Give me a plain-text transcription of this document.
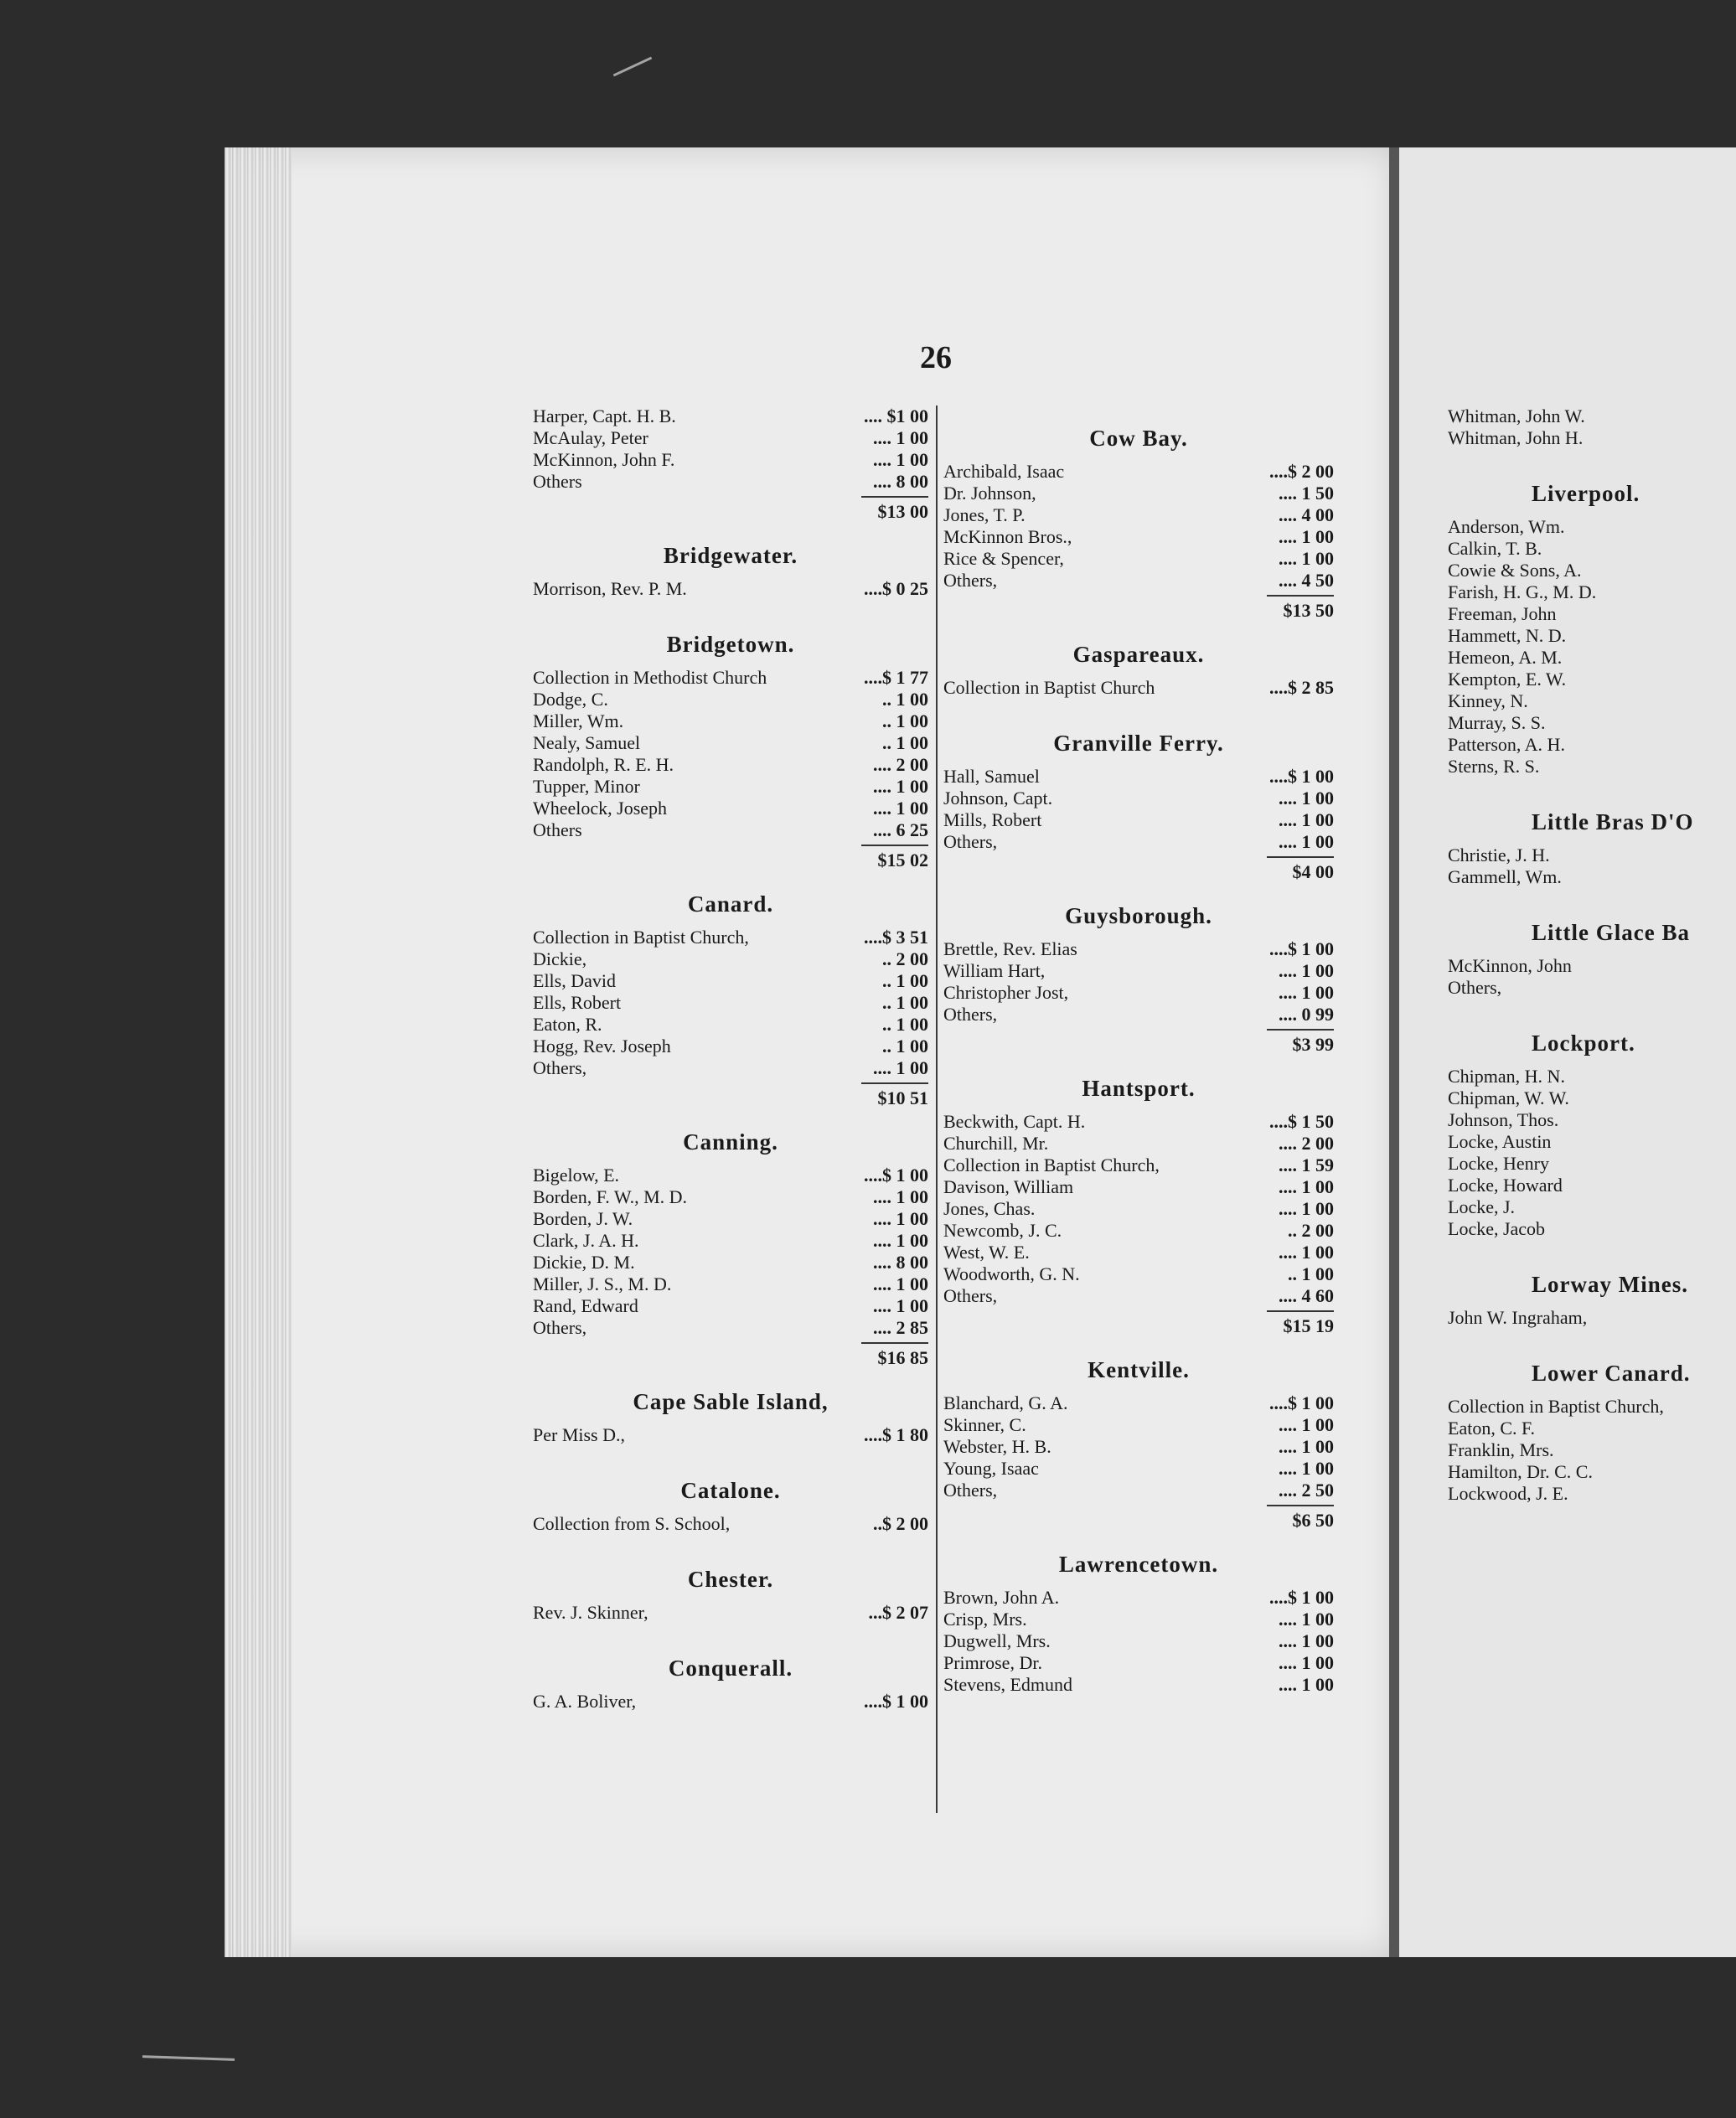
26
Harper, Capt. H. B.	.... $1 00
McAulay, Peter	.... 1 00
McKinnon, John F.	.... 1 00
Others	.... 8 00
$13 00
Bridgewater.
Morrison, Rev. P. M.	....$ 0 25
Bridgetown.
Collection in Methodist Church	....$ 1 77
Dodge, C.	.. 1 00
Miller, Wm.	.. 1 00
Nealy, Samuel	.. 1 00
Randolph, R. E. H.	.... 2 00
Tupper, Minor	.... 1 00
Wheelock, Joseph	.... 1 00
Others	.... 6 25
$15 02
Canard.
Collection in Baptist Church,	....$ 3 51
Dickie,	.. 2 00
Ells, David	.. 1 00
Ells, Robert	.. 1 00
Eaton, R.	.. 1 00
Hogg, Rev. Joseph	.. 1 00
Others,	.... 1 00
$10 51
Canning.
Bigelow, E.	....$ 1 00
Borden, F. W., M. D.	.... 1 00
Borden, J. W.	.... 1 00
Clark, J. A. H.	.... 1 00
Dickie, D. M.	.... 8 00
Miller, J. S., M. D.	.... 1 00
Rand, Edward	.... 1 00
Others,	.... 2 85
$16 85
Cape Sable Island,
Per Miss D.,	....$ 1 80
Catalone.
Collection from S. School,	..$ 2 00
Chester.
Rev. J. Skinner,	...$ 2 07
Conquerall.
G. A. Boliver,	....$ 1 00
Cow Bay.
Archibald, Isaac	....$ 2 00
Dr. Johnson,	.... 1 50
Jones, T. P.	.... 4 00
McKinnon Bros.,	.... 1 00
Rice & Spencer,	.... 1 00
Others,	.... 4 50
$13 50
Gaspareaux.
Collection in Baptist Church	....$ 2 85
Granville Ferry.
Hall, Samuel	....$ 1 00
Johnson, Capt.	.... 1 00
Mills, Robert	.... 1 00
Others,	.... 1 00
$4 00
Guysborough.
Brettle, Rev. Elias	....$ 1 00
William Hart,	.... 1 00
Christopher Jost,	.... 1 00
Others,	.... 0 99
$3 99
Hantsport.
Beckwith, Capt. H.	....$ 1 50
Churchill, Mr.	.... 2 00
Collection in Baptist Church,	.... 1 59
Davison, William	.... 1 00
Jones, Chas.	.... 1 00
Newcomb, J. C.	.. 2 00
West, W. E.	.... 1 00
Woodworth, G. N.	.. 1 00
Others,	.... 4 60
$15 19
Kentville.
Blanchard, G. A.	....$ 1 00
Skinner, C.	.... 1 00
Webster, H. B.	.... 1 00
Young, Isaac	.... 1 00
Others,	.... 2 50
$6 50
Lawrencetown.
Brown, John A.	....$ 1 00
Crisp, Mrs.	.... 1 00
Dugwell, Mrs.	.... 1 00
Primrose, Dr.	.... 1 00
Stevens, Edmund	.... 1 00
Whitman, John W.
Whitman, John H.
Liverpool.
Anderson, Wm.
Calkin, T. B.
Cowie & Sons, A.
Farish, H. G., M. D.
Freeman, John
Hammett, N. D.
Hemeon, A. M.
Kempton, E. W.
Kinney, N.
Murray, S. S.
Patterson, A. H.
Sterns, R. S.
Little Bras D'O
Christie, J. H.
Gammell, Wm.
Little Glace Ba
McKinnon, John
Others,
Lockport.
Chipman, H. N.
Chipman, W. W.
Johnson, Thos.
Locke, Austin
Locke, Henry
Locke, Howard
Locke, J.
Locke, Jacob
Lorway Mines.
John W. Ingraham,
Lower Canard.
Collection in Baptist Church,
Eaton, C. F.
Franklin, Mrs.
Hamilton, Dr. C. C.
Lockwood, J. E.
